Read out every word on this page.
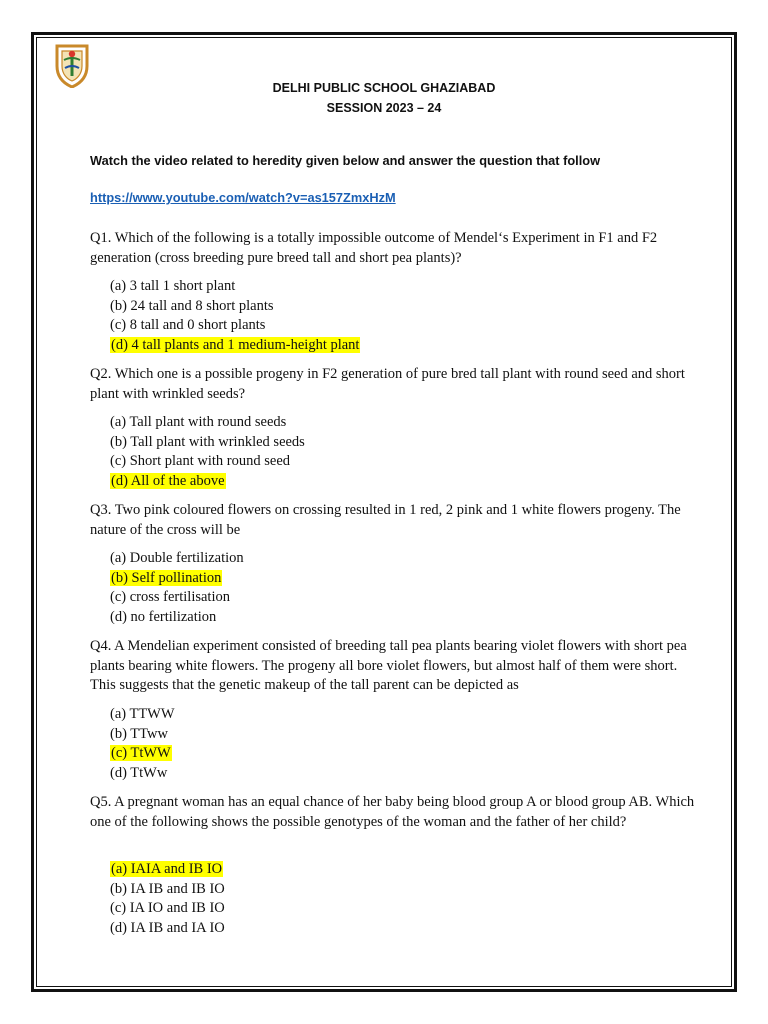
DELHI PUBLIC SCHOOL GHAZIABAD
SESSION 2023 – 24
Watch the video related to heredity given below and answer the question that follow
https://www.youtube.com/watch?v=as157ZmxHzM
Q1. Which of the following is a totally impossible outcome of Mendel‘s Experiment in F1 and F2 generation (cross breeding pure breed tall and short pea plants)?
(a) 3 tall 1 short plant
(b) 24 tall and 8 short plants
(c) 8 tall and 0 short plants
(d) 4 tall plants and 1 medium-height plant
Q2. Which one is a possible progeny in F2 generation of pure bred tall plant with round seed and short plant with wrinkled seeds?
(a) Tall plant with round seeds
(b) Tall plant with wrinkled seeds
(c) Short plant with round seed
(d) All of the above
Q3. Two pink coloured flowers on crossing resulted in 1 red, 2 pink and 1 white flowers progeny. The nature of the cross will be
(a) Double fertilization
(b) Self pollination
(c) cross fertilisation
(d) no fertilization
Q4. A Mendelian experiment consisted of breeding tall pea plants bearing violet flowers with short pea plants bearing white flowers. The progeny all bore violet flowers, but almost half of them were short. This suggests that the genetic makeup of the tall parent can be depicted as
(a) TTWW
(b) TTww
(c) TtWW
(d) TtWw
Q5. A pregnant woman has an equal chance of her baby being blood group A or blood group AB. Which one of the following shows the possible genotypes of the woman and the father of her child?
(a) IAIA and IB IO
(b) IA IB and IB IO
(c) IA IO and IB IO
(d) IA IB and IA IO
